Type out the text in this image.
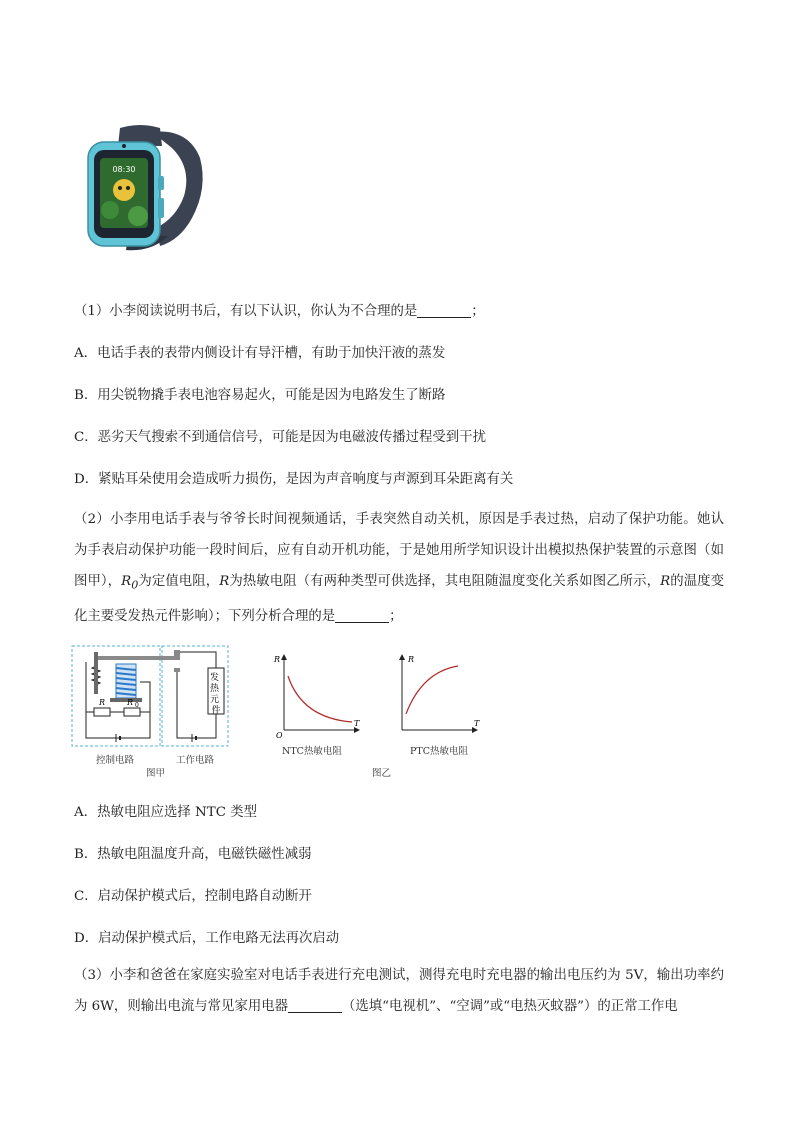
08:30
（1）小李阅读说明书后，有以下认识，你认为不合理的是	；
A．电话手表的表带内侧设计有导汗槽，有助于加快汗液的蒸发
B．用尖锐物撬手表电池容易起火，可能是因为电路发生了断路
C．恶劣天气搜索不到通信信号，可能是因为电磁波传播过程受到干扰
D．紧贴耳朵使用会造成听力损伤，是因为声音响度与声源到耳朵距离有关
（2）小李用电话手表与爷爷长时间视频通话，手表突然自动关机，原因是手表过热，启动了保护功能。她认为手表启动保护功能一段时间后，应有自动开机功能，于是她用所学知识设计出模拟热保护装置的示意图（如图甲），$R_0$为定值电阻，R为热敏电阻（有两种类型可供选择，其电阻随温度变化关系如图乙所示，R的温度变化主要受发热元件影响）；下列分析合理的是	；
R	R 0
发 热 元 件
R
T
O
R
T
控制电路	工作电路
图甲
NTC热敏电阻	PTC热敏电阻
图乙
A．热敏电阻应选择 NTC 类型
B．热敏电阻温度升高，电磁铁磁性减弱
C．启动保护模式后，控制电路自动断开
D．启动保护模式后，工作电路无法再次启动
（3）小李和爸爸在家庭实验室对电话手表进行充电测试，测得充电时充电器的输出电压约为 5V，输出功率约为 6W，则输出电流与常见家用电器	（选填“电视机”、“空调”或“电热灭蚊器”）的正常工作电
